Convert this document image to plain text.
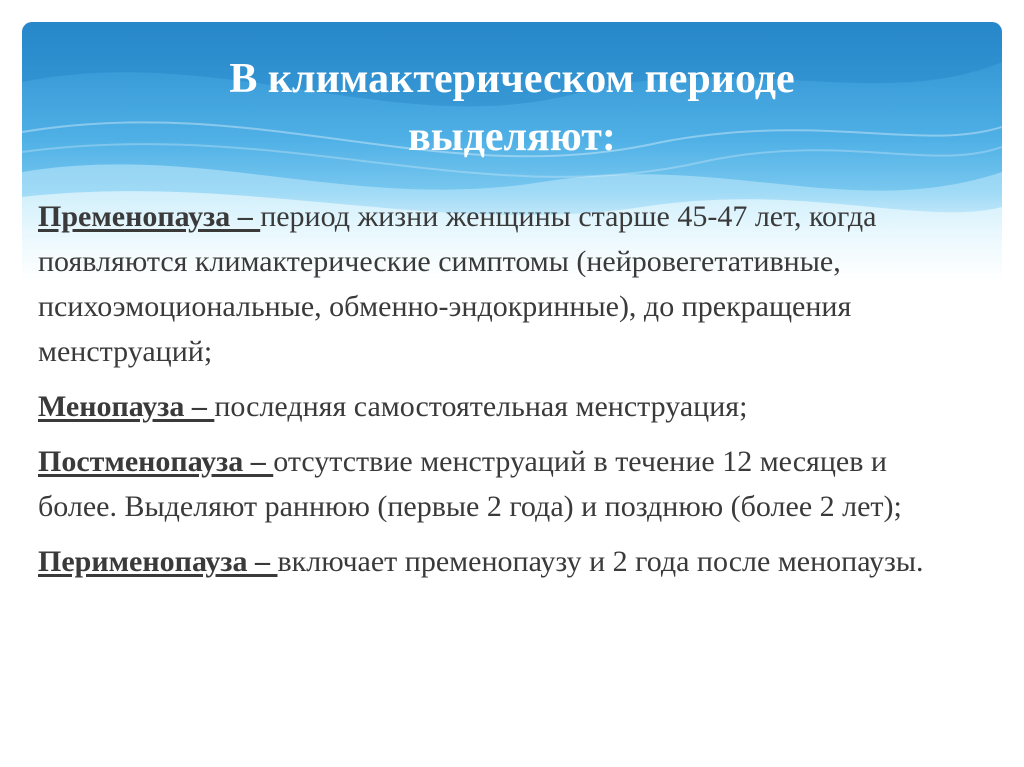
В климактерическом периоде
выделяют:

Пременопауза – период жизни женщины старше 45-47 лет, когда появляются климактерические симптомы (нейровегетативные, психоэмоциональные, обменно-эндокринные), до прекращения менструаций;

Менопауза – последняя самостоятельная менструация;

Постменопауза – отсутствие менструаций в течение 12 месяцев и более. Выделяют раннюю (первые 2 года) и позднюю (более 2 лет);

Перименопауза – включает пременопаузу и 2 года после менопаузы.
